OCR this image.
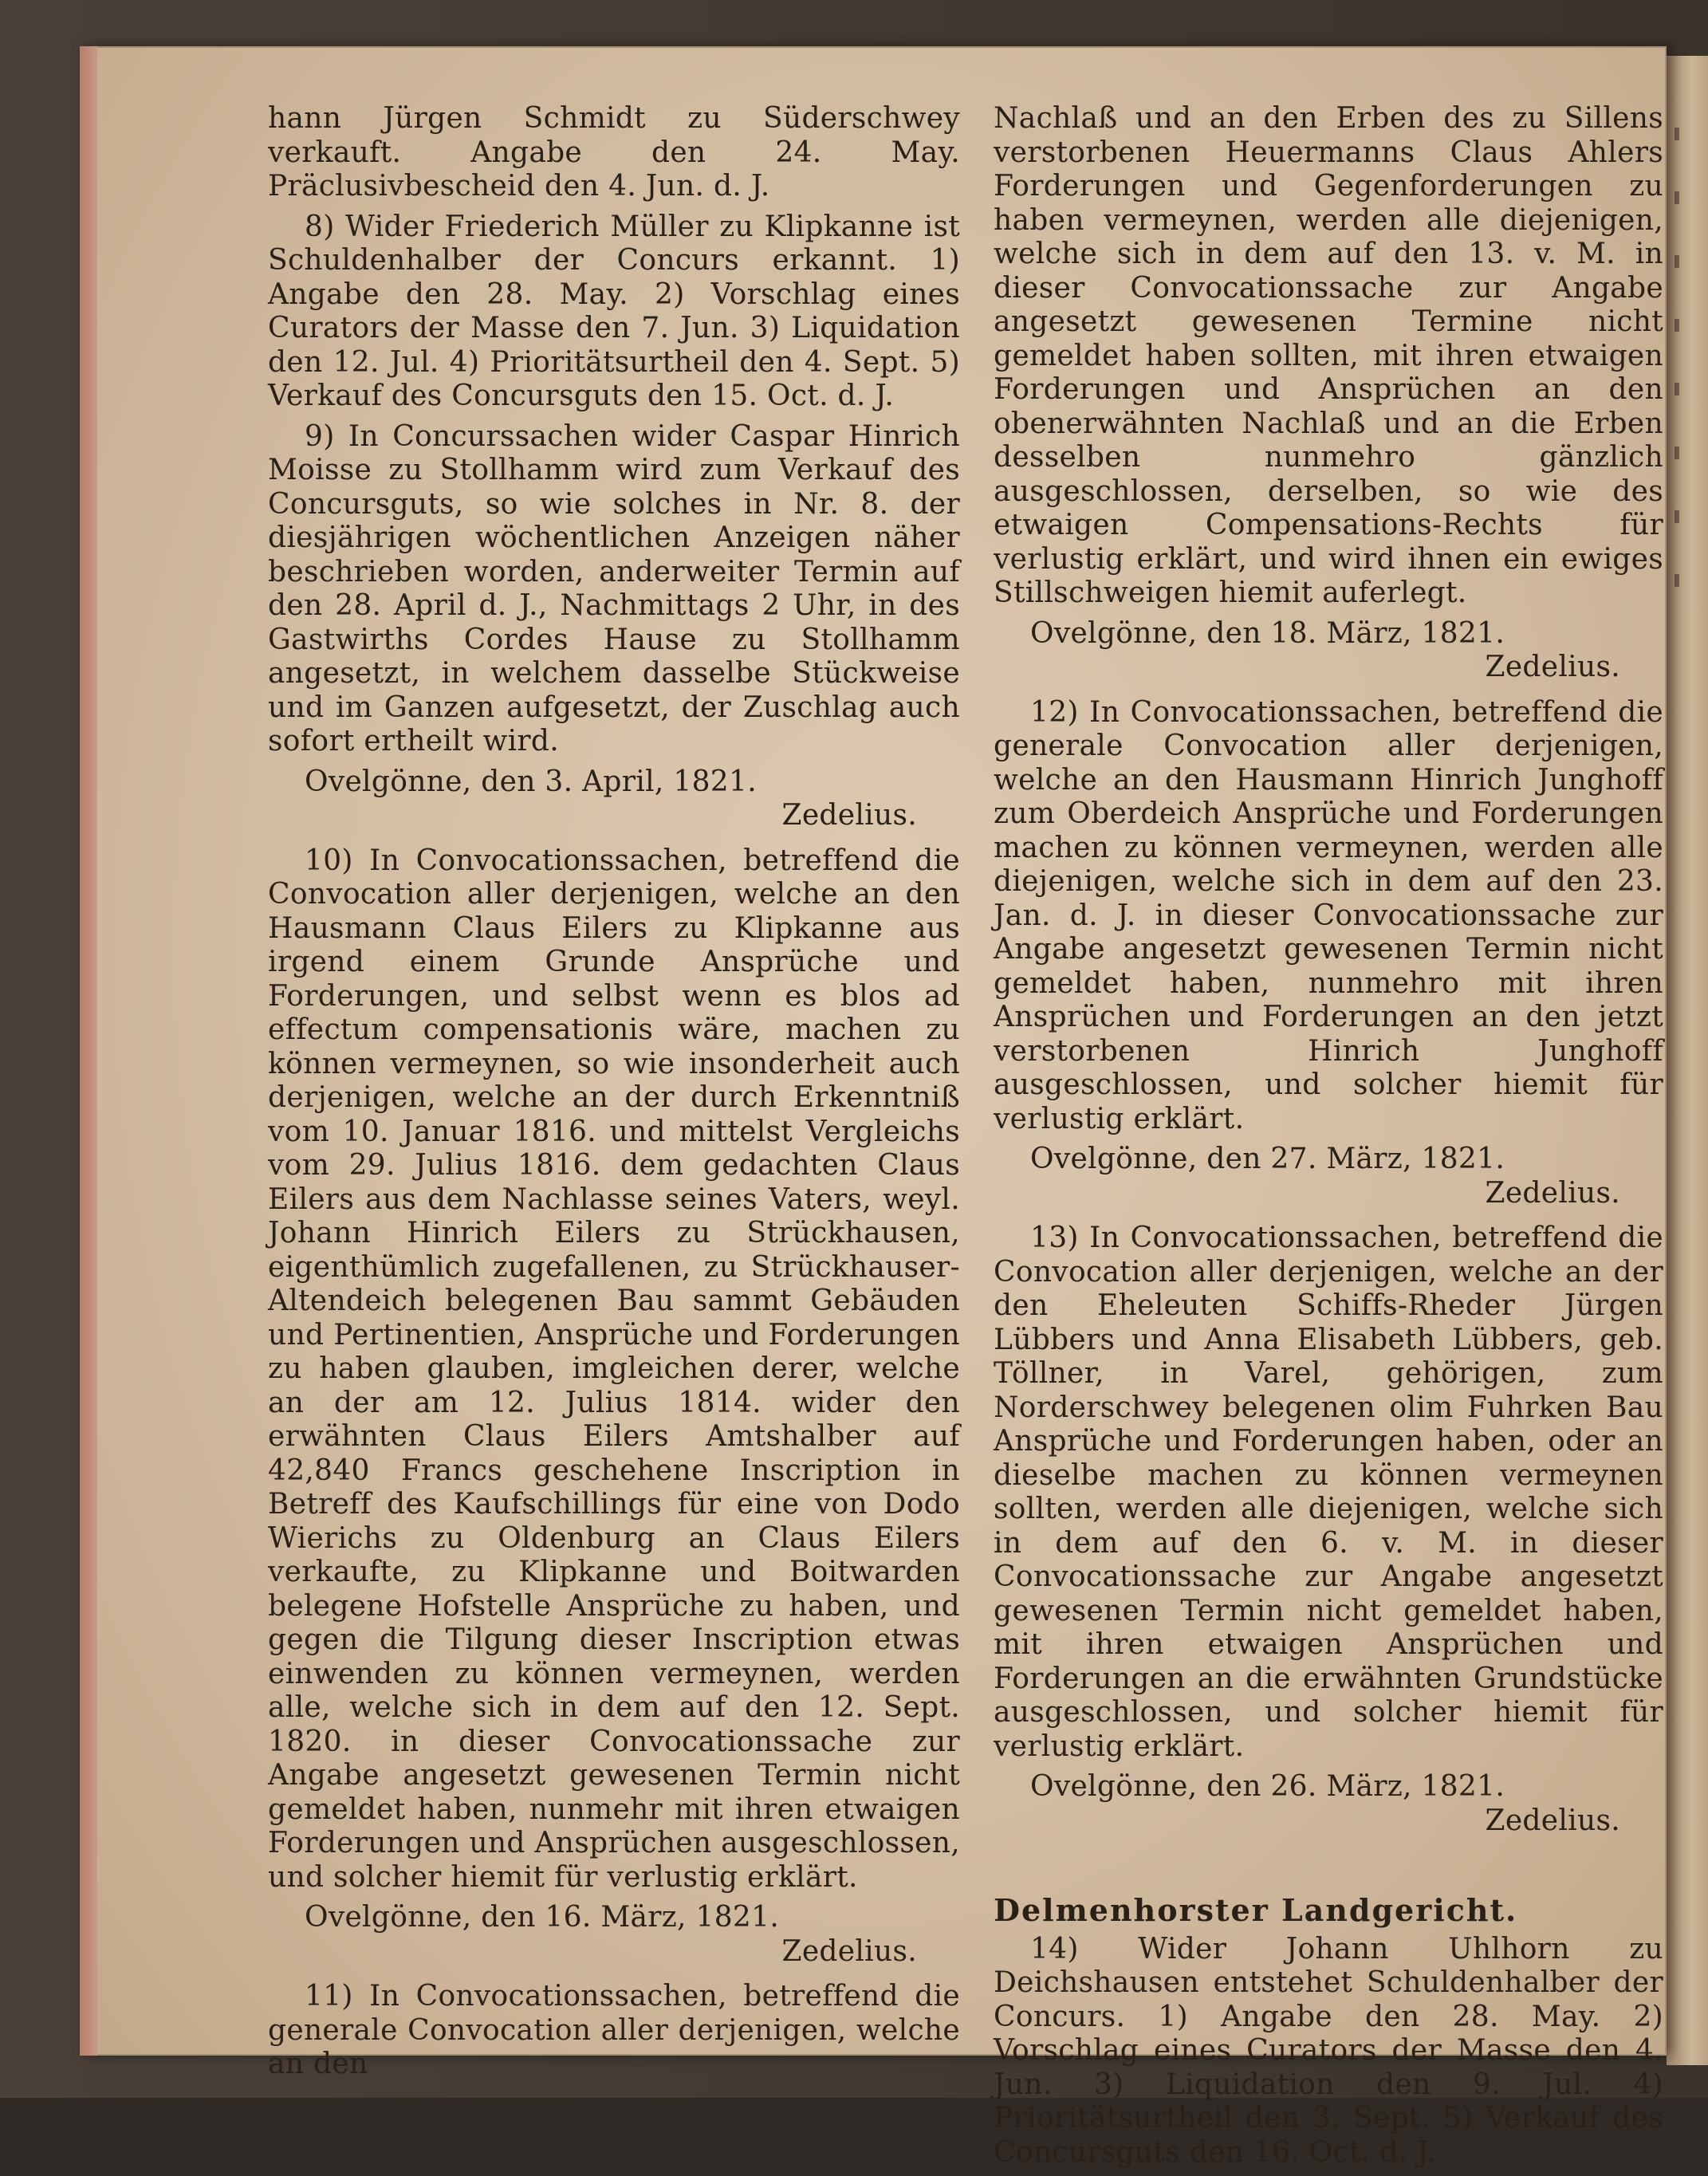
hann Jürgen Schmidt zu Süderschwey verkauft. Angabe den 24. May. Präclusivbescheid den 4. Jun. d. J.

8) Wider Friederich Müller zu Klipkanne ist Schuldenhalber der Concurs erkannt. 1) Angabe den 28. May. 2) Vorschlag eines Curators der Masse den 7. Jun. 3) Liquidation den 12. Jul. 4) Prioritätsurtheil den 4. Sept. 5) Verkauf des Concursguts den 15. Oct. d. J.

9) In Concurssachen wider Caspar Hinrich Moisse zu Stollhamm wird zum Verkauf des Concursguts, so wie solches in Nr. 8. der diesjährigen wöchentlichen Anzeigen näher beschrieben worden, anderweiter Termin auf den 28. April d. J., Nachmittags 2 Uhr, in des Gastwirths Cordes Hause zu Stollhamm angesetzt, in welchem dasselbe Stückweise und im Ganzen aufgesetzt, der Zuschlag auch sofort ertheilt wird.

Ovelgönne, den 3. April, 1821.

Zedelius.

10) In Convocationssachen, betreffend die Convocation aller derjenigen, welche an den Hausmann Claus Eilers zu Klipkanne aus irgend einem Grunde Ansprüche und Forderungen, und selbst wenn es blos ad effectum compensationis wäre, machen zu können vermeynen, so wie insonderheit auch derjenigen, welche an der durch Erkenntniß vom 10. Januar 1816. und mittelst Vergleichs vom 29. Julius 1816. dem gedachten Claus Eilers aus dem Nachlasse seines Vaters, weyl. Johann Hinrich Eilers zu Strückhausen, eigenthümlich zugefallenen, zu Strückhauser-Altendeich belegenen Bau sammt Gebäuden und Pertinentien, Ansprüche und Forderungen zu haben glauben, imgleichen derer, welche an der am 12. Julius 1814. wider den erwähnten Claus Eilers Amtshalber auf 42,840 Francs geschehene Inscription in Betreff des Kaufschillings für eine von Dodo Wierichs zu Oldenburg an Claus Eilers verkaufte, zu Klipkanne und Boitwarden belegene Hofstelle Ansprüche zu haben, und gegen die Tilgung dieser Inscription etwas einwenden zu können vermeynen, werden alle, welche sich in dem auf den 12. Sept. 1820. in dieser Convocationssache zur Angabe angesetzt gewesenen Termin nicht gemeldet haben, nunmehr mit ihren etwaigen Forderungen und Ansprüchen ausgeschlossen, und solcher hiemit für verlustig erklärt.

Ovelgönne, den 16. März, 1821.

Zedelius.

11) In Convocationssachen, betreffend die generale Convocation aller derjenigen, welche an den

Nachlaß und an den Erben des zu Sillens verstorbenen Heuermanns Claus Ahlers Forderungen und Gegenforderungen zu haben vermeynen, werden alle diejenigen, welche sich in dem auf den 13. v. M. in dieser Convocationssache zur Angabe angesetzt gewesenen Termine nicht gemeldet haben sollten, mit ihren etwaigen Forderungen und Ansprüchen an den obenerwähnten Nachlaß und an die Erben desselben nunmehro gänzlich ausgeschlossen, derselben, so wie des etwaigen Compensations-Rechts für verlustig erklärt, und wird ihnen ein ewiges Stillschweigen hiemit auferlegt.

Ovelgönne, den 18. März, 1821.

Zedelius.

12) In Convocationssachen, betreffend die generale Convocation aller derjenigen, welche an den Hausmann Hinrich Junghoff zum Oberdeich Ansprüche und Forderungen machen zu können vermeynen, werden alle diejenigen, welche sich in dem auf den 23. Jan. d. J. in dieser Convocationssache zur Angabe angesetzt gewesenen Termin nicht gemeldet haben, nunmehro mit ihren Ansprüchen und Forderungen an den jetzt verstorbenen Hinrich Junghoff ausgeschlossen, und solcher hiemit für verlustig erklärt.

Ovelgönne, den 27. März, 1821.

Zedelius.

13) In Convocationssachen, betreffend die Convocation aller derjenigen, welche an der den Eheleuten Schiffs-Rheder Jürgen Lübbers und Anna Elisabeth Lübbers, geb. Töllner, in Varel, gehörigen, zum Norderschwey belegenen olim Fuhrken Bau Ansprüche und Forderungen haben, oder an dieselbe machen zu können vermeynen sollten, werden alle diejenigen, welche sich in dem auf den 6. v. M. in dieser Convocationssache zur Angabe angesetzt gewesenen Termin nicht gemeldet haben, mit ihren etwaigen Ansprüchen und Forderungen an die erwähnten Grundstücke ausgeschlossen, und solcher hiemit für verlustig erklärt.

Ovelgönne, den 26. März, 1821.

Zedelius.

Delmenhorster Landgericht.

14) Wider Johann Uhlhorn zu Deichshausen entstehet Schuldenhalber der Concurs. 1) Angabe den 28. May. 2) Vorschlag eines Curators der Masse den 4. Jun. 3) Liquidation den 9. Jul. 4) Prioritätsurtheil den 3. Sept. 5) Verkauf des Concursguts den 16. Oct. d. J.
